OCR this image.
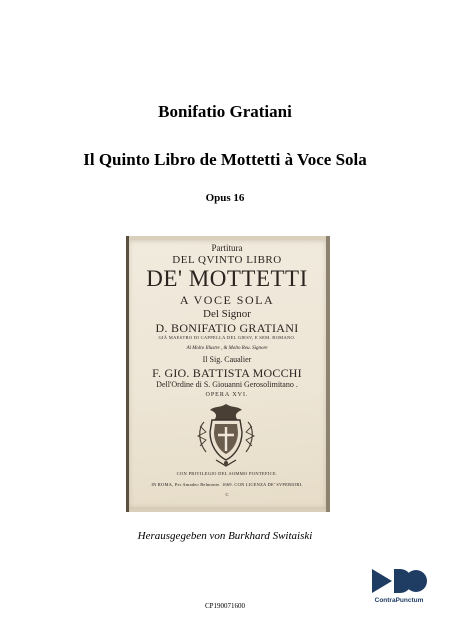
Bonifatio Gratiani
Il Quinto Libro de Mottetti à Voce Sola
Opus 16
Partitura
DEL QVINTO LIBRO
DE' MOTTETTI
A VOCE SOLA
Del Signor
D. BONIFATIO GRATIANI
GIÀ MAESTRO DI CAPPELLA DEL GIESV, E SEM. ROMANO.
Al Molto Illustre , & Molto Reu. Signore
Il Sig. Caualier
F. GIO. BATTISTA MOCCHI
Dell'Ordine di S. Giouanni Gerosolimitano .
OPERA XVI.
CON PRIVILEGIO DEL SOMMO PONTEFICE.
IN ROMA, Per Amadeo Belmonte. 1669. CON LICENZA DE' SVPERIORI.
C
Herausgegeben von Burkhard Switaiski
CP190071600
ContraPunctum
